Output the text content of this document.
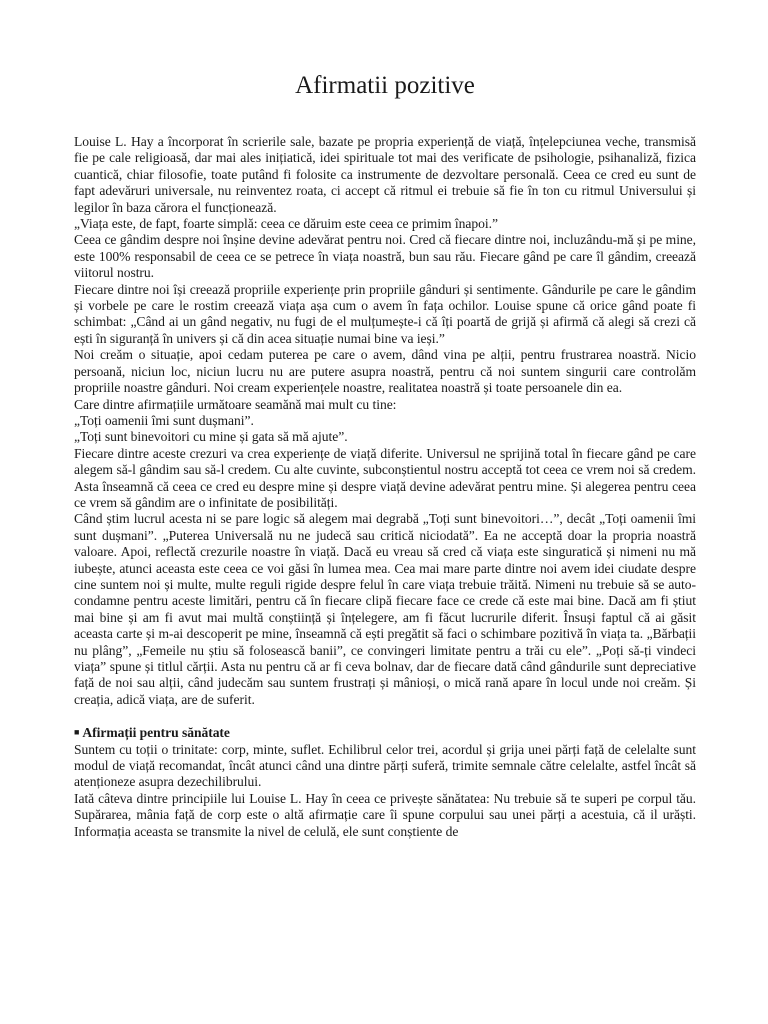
Afirmatii pozitive

Louise L. Hay a încorporat în scrierile sale, bazate pe propria experiență de viață, înțelepciunea veche, transmisă fie pe cale religioasă, dar mai ales inițiatică, idei spirituale tot mai des verificate de psihologie, psihanaliză, fizica cuantică, chiar filosofie, toate putând fi folosite ca instrumente de dezvoltare personală. Ceea ce cred eu sunt de fapt adevăruri universale, nu reinventez roata, ci accept că ritmul ei trebuie să fie în ton cu ritmul Universului și legilor în baza cărora el funcționează.

„Viața este, de fapt, foarte simplă: ceea ce dăruim este ceea ce primim înapoi.”

Ceea ce gândim despre noi înșine devine adevărat pentru noi. Cred că fiecare dintre noi, incluzându-mă și pe mine, este 100% responsabil de ceea ce se petrece în viața noastră, bun sau rău. Fiecare gând pe care îl gândim, creează viitorul nostru.

Fiecare dintre noi își creează propriile experiențe prin propriile gânduri și sentimente. Gândurile pe care le gândim și vorbele pe care le rostim creează viața așa cum o avem în fața ochilor. Louise spune că orice gând poate fi schimbat: „Când ai un gând negativ, nu fugi de el mulțumește-i că îți poartă de grijă și afirmă că alegi să crezi că ești în siguranță în univers și că din acea situație numai bine va ieși.”

Noi creăm o situație, apoi cedam puterea pe care o avem, dând vina pe alții, pentru frustrarea noastră. Nicio persoană, niciun loc, niciun lucru nu are putere asupra noastră, pentru că noi suntem singurii care controlăm propriile noastre gânduri. Noi cream experiențele noastre, realitatea noastră și toate persoanele din ea.

Care dintre afirmațiile următoare seamănă mai mult cu tine:

„Toți oamenii îmi sunt dușmani”.

„Toți sunt binevoitori cu mine și gata să mă ajute”.

Fiecare dintre aceste crezuri va crea experiențe de viață diferite. Universul ne sprijină total în fiecare gând pe care alegem să-l gândim sau să-l credem. Cu alte cuvinte, subconștientul nostru acceptă tot ceea ce vrem noi să credem. Asta înseamnă că ceea ce cred eu despre mine și despre viață devine adevărat pentru mine. Și alegerea pentru ceea ce vrem să gândim are o infinitate de posibilități.

Când știm lucrul acesta ni se pare logic să alegem mai degrabă „Toți sunt binevoitori…”, decât „Toți oamenii îmi sunt dușmani”. „Puterea Universală nu ne judecă sau critică niciodată”. Ea ne acceptă doar la propria noastră valoare. Apoi, reflectă crezurile noastre în viață. Dacă eu vreau să cred că viața este singuratică și nimeni nu mă iubește, atunci aceasta este ceea ce voi găsi în lumea mea. Cea mai mare parte dintre noi avem idei ciudate despre cine suntem noi și multe, multe reguli rigide despre felul în care viața trebuie trăită. Nimeni nu trebuie să se auto-condamne pentru aceste limitări, pentru că în fiecare clipă fiecare face ce crede că este mai bine. Dacă am fi știut mai bine și am fi avut mai multă conștiință și înțelegere, am fi făcut lucrurile diferit. Însuși faptul că ai găsit aceasta carte și m-ai descoperit pe mine, înseamnă că ești pregătit să faci o schimbare pozitivă în viața ta. „Bărbații nu plâng”, „Femeile nu știu să folosească banii”, ce convingeri limitate pentru a trăi cu ele”. „Poți să-ți vindeci viața” spune și titlul cărții. Asta nu pentru că ar fi ceva bolnav, dar de fiecare dată când gândurile sunt depreciative față de noi sau alții, când judecăm sau suntem frustrați și mânioși, o mică rană apare în locul unde noi creăm. Și creația, adică viața, are de suferit.

■ Afirmații pentru sănătate

Suntem cu toții o trinitate: corp, minte, suflet. Echilibrul celor trei, acordul și grija unei părți față de celelalte sunt modul de viață recomandat, încât atunci când una dintre părți suferă, trimite semnale către celelalte, astfel încât să atenționeze asupra dezechilibrului.

Iată câteva dintre principiile lui Louise L. Hay în ceea ce privește sănătatea: Nu trebuie să te superi pe corpul tău. Supărarea, mânia față de corp este o altă afirmație care îi spune corpului sau unei părți a acestuia, că il urăști. Informația aceasta se transmite la nivel de celulă, ele sunt conștiente de
